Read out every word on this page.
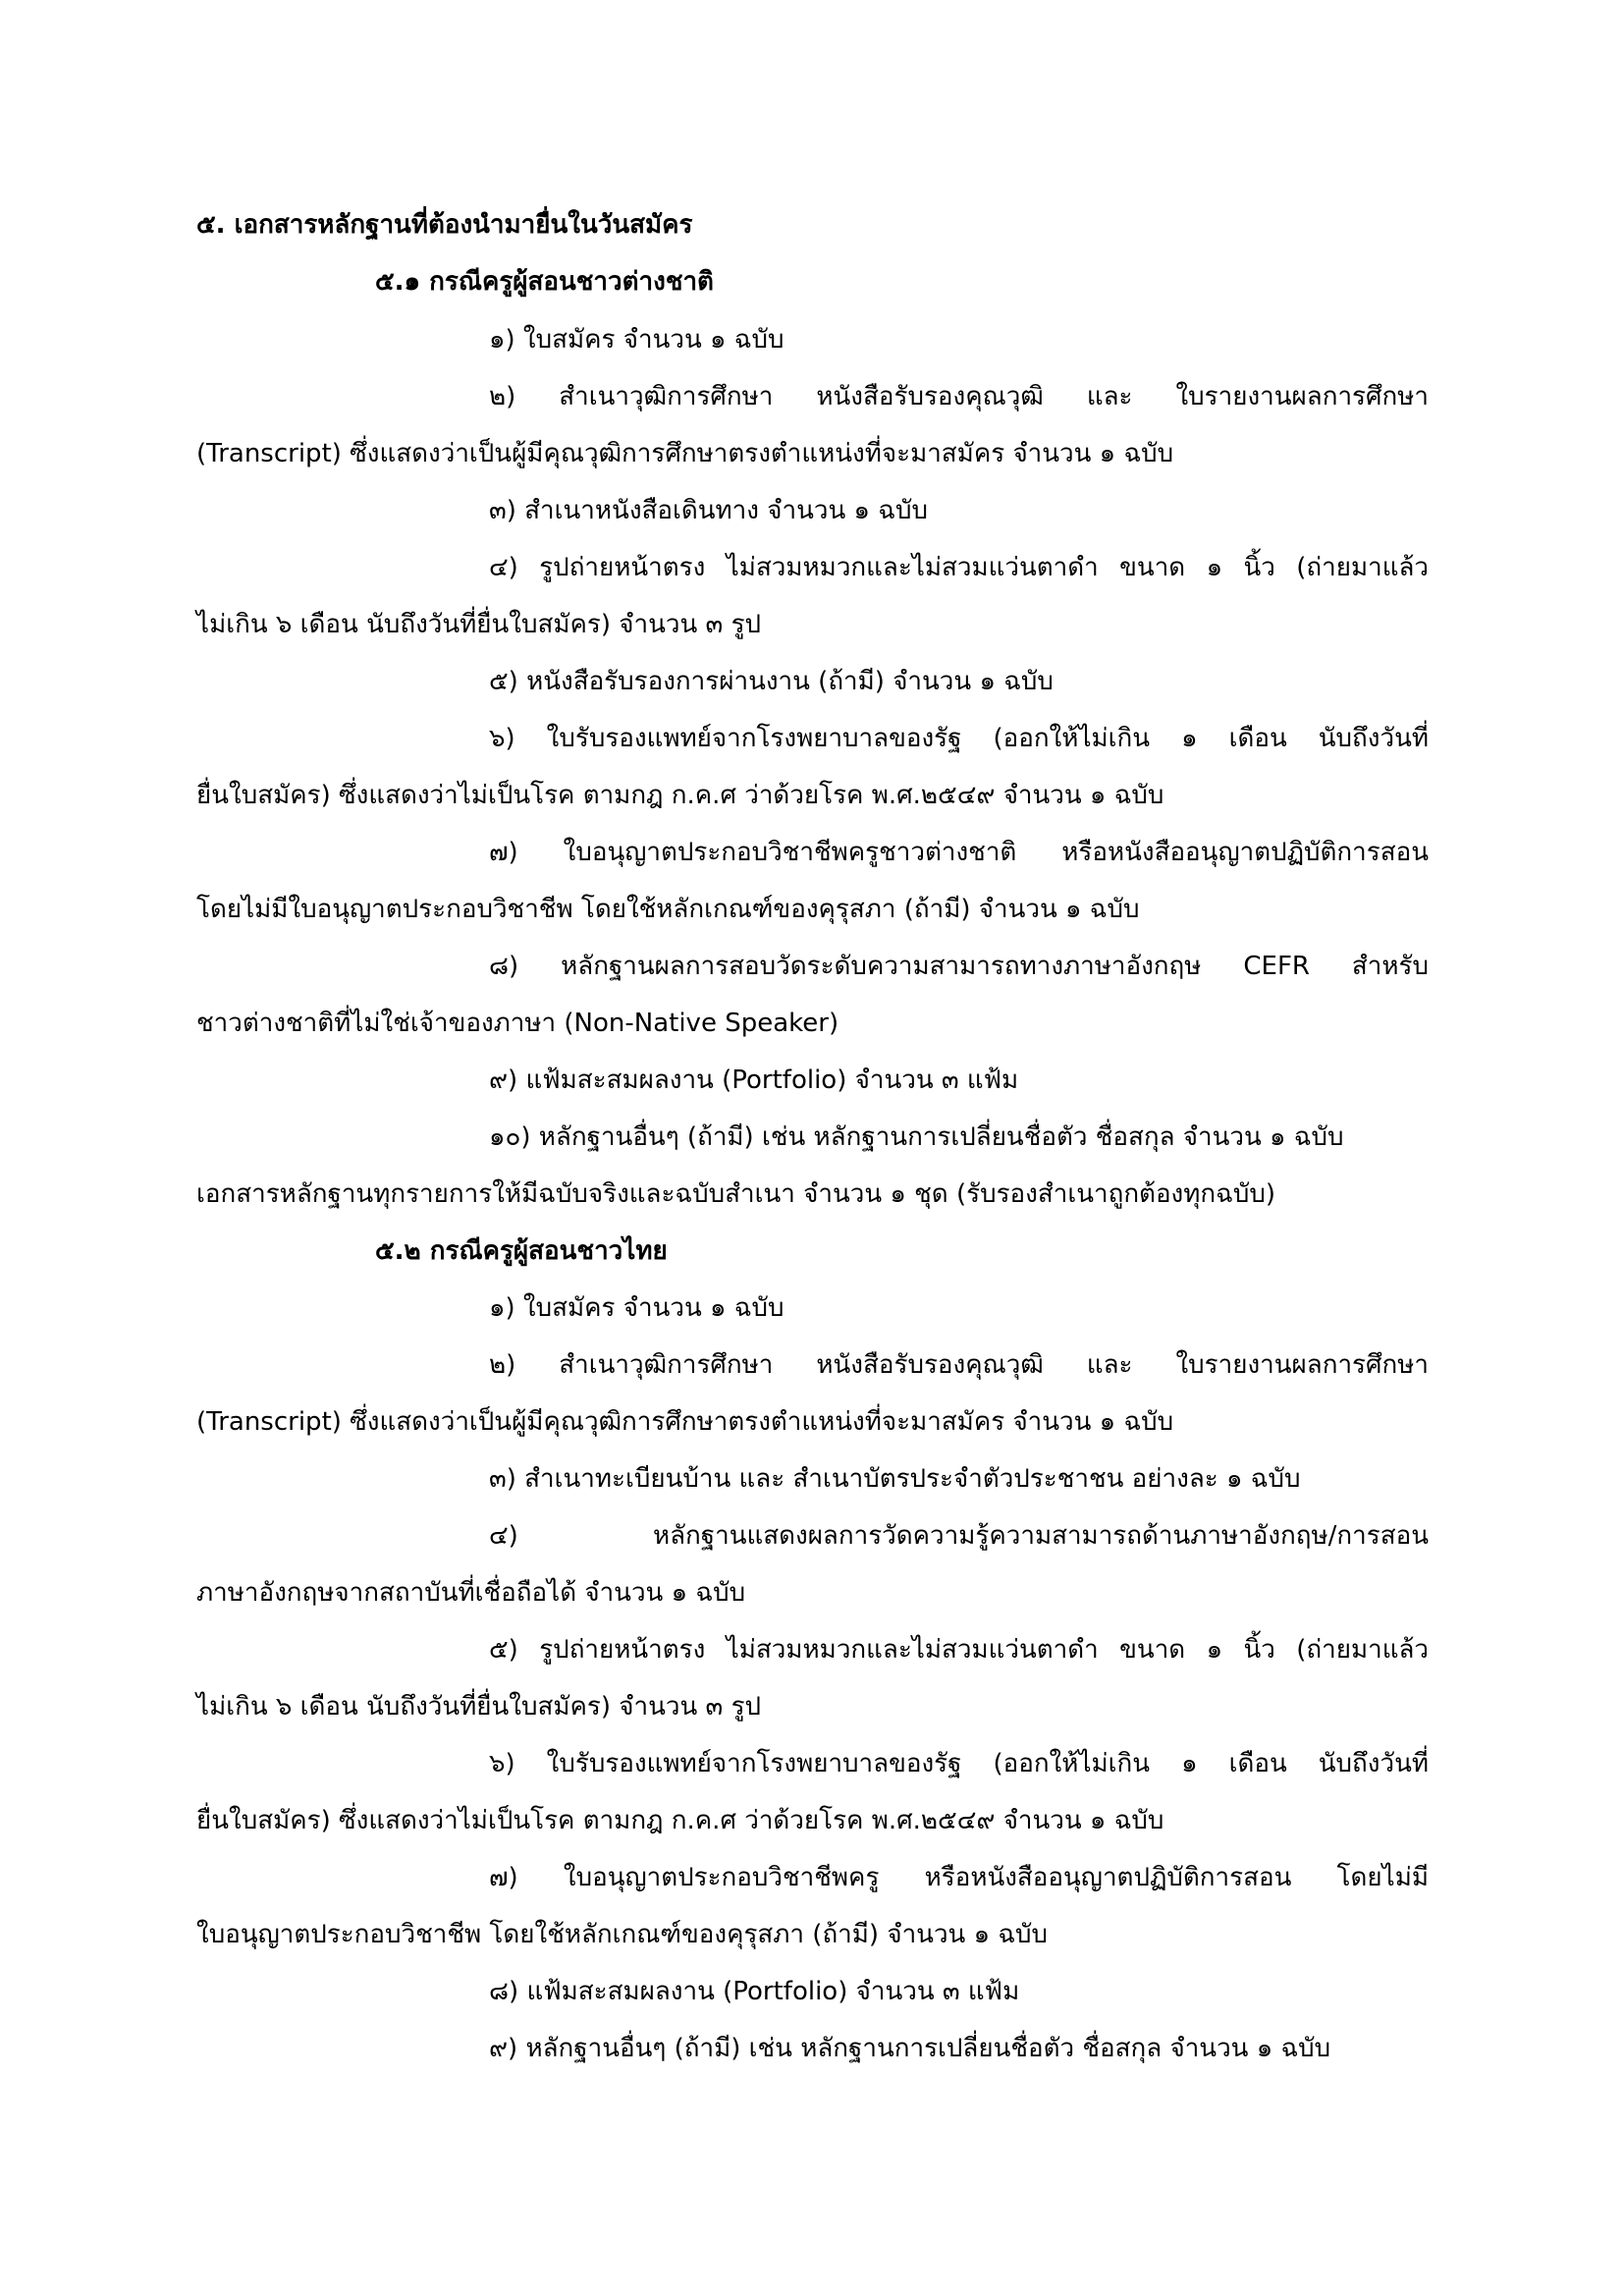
๕. เอกสารหลักฐานที่ต้องนำมายื่นในวันสมัคร

๕.๑ กรณีครูผู้สอนชาวต่างชาติ

๑) ใบสมัคร จำนวน ๑ ฉบับ

๒) สำเนาวุฒิการศึกษา หนังสือรับรองคุณวุฒิ และ ใบรายงานผลการศึกษา

(Transcript) ซึ่งแสดงว่าเป็นผู้มีคุณวุฒิการศึกษาตรงตำแหน่งที่จะมาสมัคร จำนวน ๑ ฉบับ

๓) สำเนาหนังสือเดินทาง จำนวน ๑ ฉบับ

๔) รูปถ่ายหน้าตรง ไม่สวมหมวกและไม่สวมแว่นตาดำ ขนาด ๑ นิ้ว (ถ่ายมาแล้ว

ไม่เกิน ๖ เดือน นับถึงวันที่ยื่นใบสมัคร) จำนวน ๓ รูป

๕) หนังสือรับรองการผ่านงาน (ถ้ามี) จำนวน ๑ ฉบับ

๖) ใบรับรองแพทย์จากโรงพยาบาลของรัฐ (ออกให้ไม่เกิน ๑ เดือน นับถึงวันที่

ยื่นใบสมัคร) ซึ่งแสดงว่าไม่เป็นโรค ตามกฎ ก.ค.ศ ว่าด้วยโรค พ.ศ.๒๕๔๙ จำนวน ๑ ฉบับ

๗) ใบอนุญาตประกอบวิชาชีพครูชาวต่างชาติ หรือหนังสืออนุญาตปฏิบัติการสอน

โดยไม่มีใบอนุญาตประกอบวิชาชีพ โดยใช้หลักเกณฑ์ของคุรุสภา (ถ้ามี) จำนวน ๑ ฉบับ

๘) หลักฐานผลการสอบวัดระดับความสามารถทางภาษาอังกฤษ CEFR สำหรับ

ชาวต่างชาติที่ไม่ใช่เจ้าของภาษา (Non-Native Speaker)

๙) แฟ้มสะสมผลงาน (Portfolio) จำนวน ๓ แฟ้ม

๑๐) หลักฐานอื่นๆ (ถ้ามี) เช่น หลักฐานการเปลี่ยนชื่อตัว ชื่อสกุล จำนวน ๑ ฉบับ

เอกสารหลักฐานทุกรายการให้มีฉบับจริงและฉบับสำเนา จำนวน ๑ ชุด (รับรองสำเนาถูกต้องทุกฉบับ)

๕.๒ กรณีครูผู้สอนชาวไทย

๑) ใบสมัคร จำนวน ๑ ฉบับ

๒) สำเนาวุฒิการศึกษา หนังสือรับรองคุณวุฒิ และ ใบรายงานผลการศึกษา

(Transcript) ซึ่งแสดงว่าเป็นผู้มีคุณวุฒิการศึกษาตรงตำแหน่งที่จะมาสมัคร จำนวน ๑ ฉบับ

๓) สำเนาทะเบียนบ้าน และ สำเนาบัตรประจำตัวประชาชน อย่างละ ๑ ฉบับ

๔) หลักฐานแสดงผลการวัดความรู้ความสามารถด้านภาษาอังกฤษ/การสอน

ภาษาอังกฤษจากสถาบันที่เชื่อถือได้ จำนวน ๑ ฉบับ

๕) รูปถ่ายหน้าตรง ไม่สวมหมวกและไม่สวมแว่นตาดำ ขนาด ๑ นิ้ว (ถ่ายมาแล้ว

ไม่เกิน ๖ เดือน นับถึงวันที่ยื่นใบสมัคร) จำนวน ๓ รูป

๖) ใบรับรองแพทย์จากโรงพยาบาลของรัฐ (ออกให้ไม่เกิน ๑ เดือน นับถึงวันที่

ยื่นใบสมัคร) ซึ่งแสดงว่าไม่เป็นโรค ตามกฎ ก.ค.ศ ว่าด้วยโรค พ.ศ.๒๕๔๙ จำนวน ๑ ฉบับ

๗) ใบอนุญาตประกอบวิชาชีพครู หรือหนังสืออนุญาตปฏิบัติการสอน โดยไม่มี

ใบอนุญาตประกอบวิชาชีพ โดยใช้หลักเกณฑ์ของคุรุสภา (ถ้ามี) จำนวน ๑ ฉบับ

๘) แฟ้มสะสมผลงาน (Portfolio) จำนวน ๓ แฟ้ม

๙) หลักฐานอื่นๆ (ถ้ามี) เช่น หลักฐานการเปลี่ยนชื่อตัว ชื่อสกุล จำนวน ๑ ฉบับ
